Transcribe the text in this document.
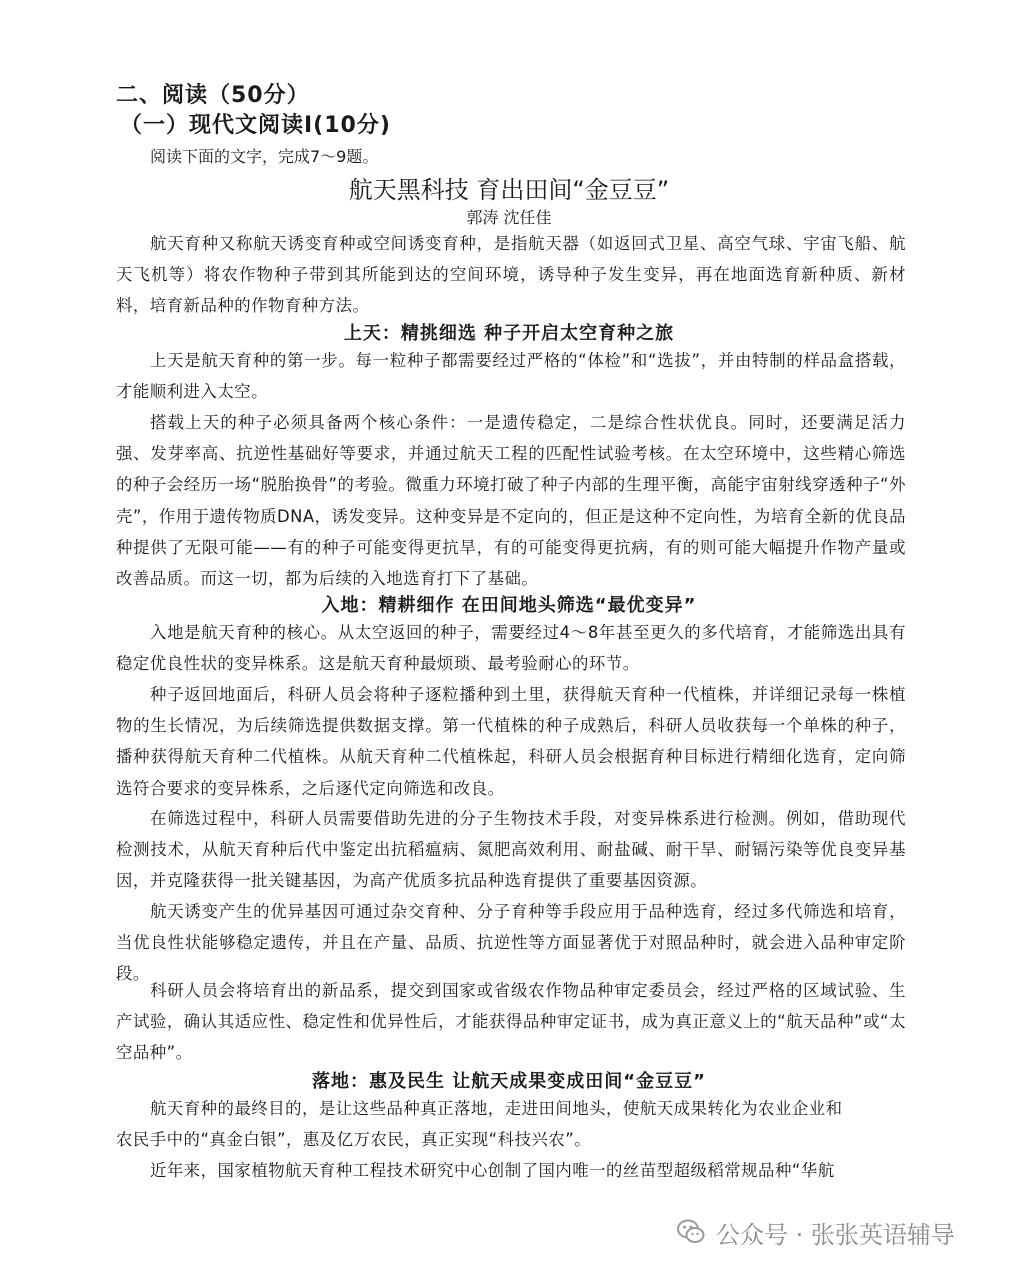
二、阅读（50分）
（一）现代文阅读I(10分)
阅读下面的文字，完成7～9题。
航天黑科技 育出田间“金豆豆”
郭涛 沈任佳
航天育种又称航天诱变育种或空间诱变育种，是指航天器（如返回式卫星、高空气球、宇宙飞船、航天飞机等）将农作物种子带到其所能到达的空间环境，诱导种子发生变异，再在地面选育新种质、新材料，培育新品种的作物育种方法。
上天：精挑细选 种子开启太空育种之旅
上天是航天育种的第一步。每一粒种子都需要经过严格的“体检”和“选拔”，并由特制的样品盒搭载，才能顺利进入太空。
搭载上天的种子必须具备两个核心条件：一是遗传稳定，二是综合性状优良。同时，还要满足活力强、发芽率高、抗逆性基础好等要求，并通过航天工程的匹配性试验考核。在太空环境中，这些精心筛选的种子会经历一场“脱胎换骨”的考验。微重力环境打破了种子内部的生理平衡，高能宇宙射线穿透种子“外壳”，作用于遗传物质DNA，诱发变异。这种变异是不定向的，但正是这种不定向性，为培育全新的优良品种提供了无限可能——有的种子可能变得更抗旱，有的可能变得更抗病，有的则可能大幅提升作物产量或改善品质。而这一切，都为后续的入地选育打下了基础。
入地：精耕细作 在田间地头筛选“最优变异”
入地是航天育种的核心。从太空返回的种子，需要经过4～8年甚至更久的多代培育，才能筛选出具有稳定优良性状的变异株系。这是航天育种最烦琐、最考验耐心的环节。
种子返回地面后，科研人员会将种子逐粒播种到土里，获得航天育种一代植株，并详细记录每一株植物的生长情况，为后续筛选提供数据支撑。第一代植株的种子成熟后，科研人员收获每一个单株的种子，播种获得航天育种二代植株。从航天育种二代植株起，科研人员会根据育种目标进行精细化选育，定向筛选符合要求的变异株系，之后逐代定向筛选和改良。
在筛选过程中，科研人员需要借助先进的分子生物技术手段，对变异株系进行检测。例如，借助现代检测技术，从航天育种后代中鉴定出抗稻瘟病、氮肥高效利用、耐盐碱、耐干旱、耐镉污染等优良变异基因，并克隆获得一批关键基因，为高产优质多抗品种选育提供了重要基因资源。
航天诱变产生的优异基因可通过杂交育种、分子育种等手段应用于品种选育，经过多代筛选和培育，当优良性状能够稳定遗传，并且在产量、品质、抗逆性等方面显著优于对照品种时，就会进入品种审定阶段。
科研人员会将培育出的新品系，提交到国家或省级农作物品种审定委员会，经过严格的区域试验、生产试验，确认其适应性、稳定性和优异性后，才能获得品种审定证书，成为真正意义上的“航天品种”或“太空品种”。
落地：惠及民生 让航天成果变成田间“金豆豆”
航天育种的最终目的，是让这些品种真正落地，走进田间地头，使航天成果转化为农业企业和
农民手中的“真金白银”，惠及亿万农民，真正实现“科技兴农”。
近年来，国家植物航天育种工程技术研究中心创制了国内唯一的丝苗型超级稻常规品种“华航
公众号 · 张张英语辅导
